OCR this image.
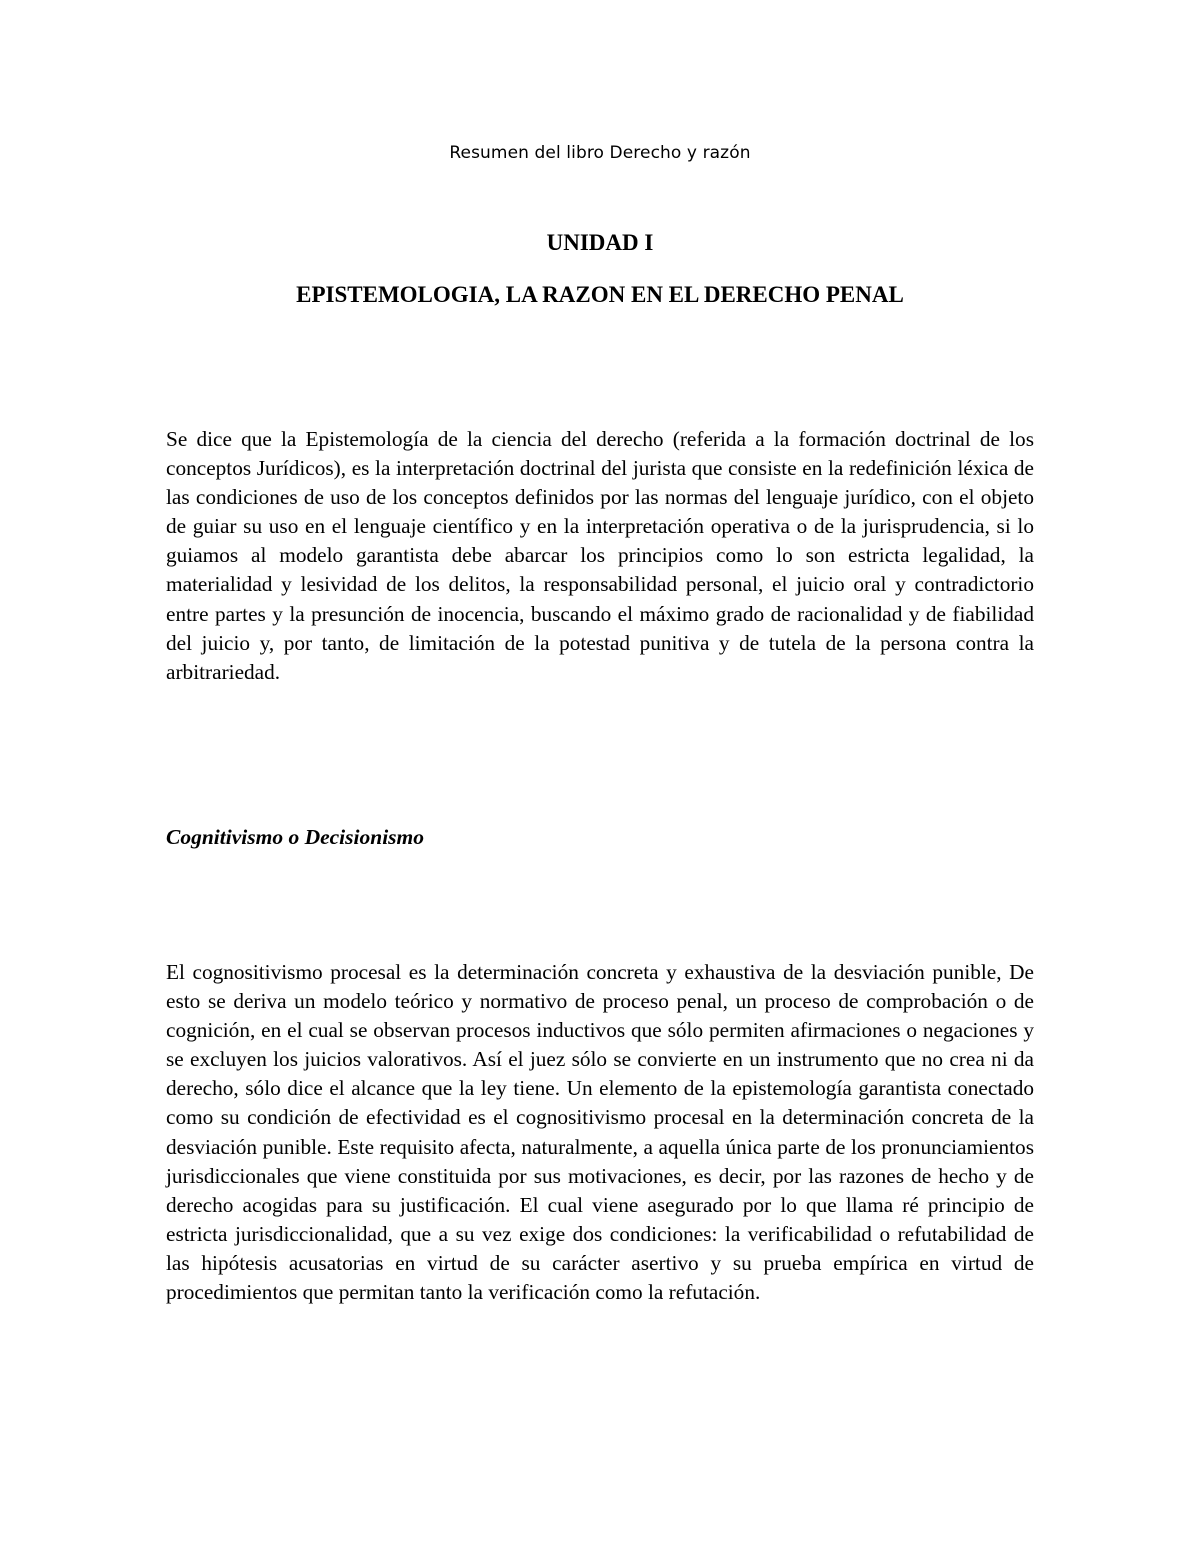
Resumen del libro Derecho y razón
UNIDAD I
EPISTEMOLOGIA, LA RAZON EN EL DERECHO PENAL

Se dice que la Epistemología de la ciencia del derecho (referida a la formación doctrinal de los conceptos Jurídicos), es la interpretación doctrinal del jurista que consiste en la redefinición léxica de las condiciones de uso de los conceptos definidos por las normas del lenguaje jurídico, con el objeto de guiar su uso en el lenguaje científico y en la interpretación operativa o de la jurisprudencia, si lo guiamos al modelo garantista debe abarcar los principios como lo son estricta legalidad, la materialidad y lesividad de los delitos, la responsabilidad personal, el juicio oral y contradictorio entre partes y la presunción de inocencia, buscando el máximo grado de racionalidad y de fiabilidad del juicio y, por tanto, de limitación de la potestad punitiva y de tutela de la persona contra la arbitrariedad.

Cognitivismo o Decisionismo

El cognositivismo procesal es la determinación concreta y exhaustiva de la desviación punible, De esto se deriva un modelo teórico y normativo de proceso penal, un proceso de comprobación o de cognición, en el cual se observan procesos inductivos que sólo permiten afirmaciones o negaciones y se excluyen los juicios valorativos. Así el juez sólo se convierte en un instrumento que no crea ni da derecho, sólo dice el alcance que la ley tiene. Un elemento de la epistemología garantista conectado como su condición de efectividad es el cognositivismo procesal en la determinación concreta de la desviación punible. Este requisito afecta, naturalmente, a aquella única parte de los pronunciamientos jurisdiccionales que viene constituida por sus motivaciones, es decir, por las razones de hecho y de derecho acogidas para su justificación. El cual viene asegurado por lo que llama ré principio de estricta jurisdiccionalidad, que a su vez exige dos condiciones: la verificabilidad o refutabilidad de las hipótesis acusatorias en virtud de su carácter asertivo y su prueba empírica en virtud de procedimientos que permitan tanto la verificación como la refutación.
